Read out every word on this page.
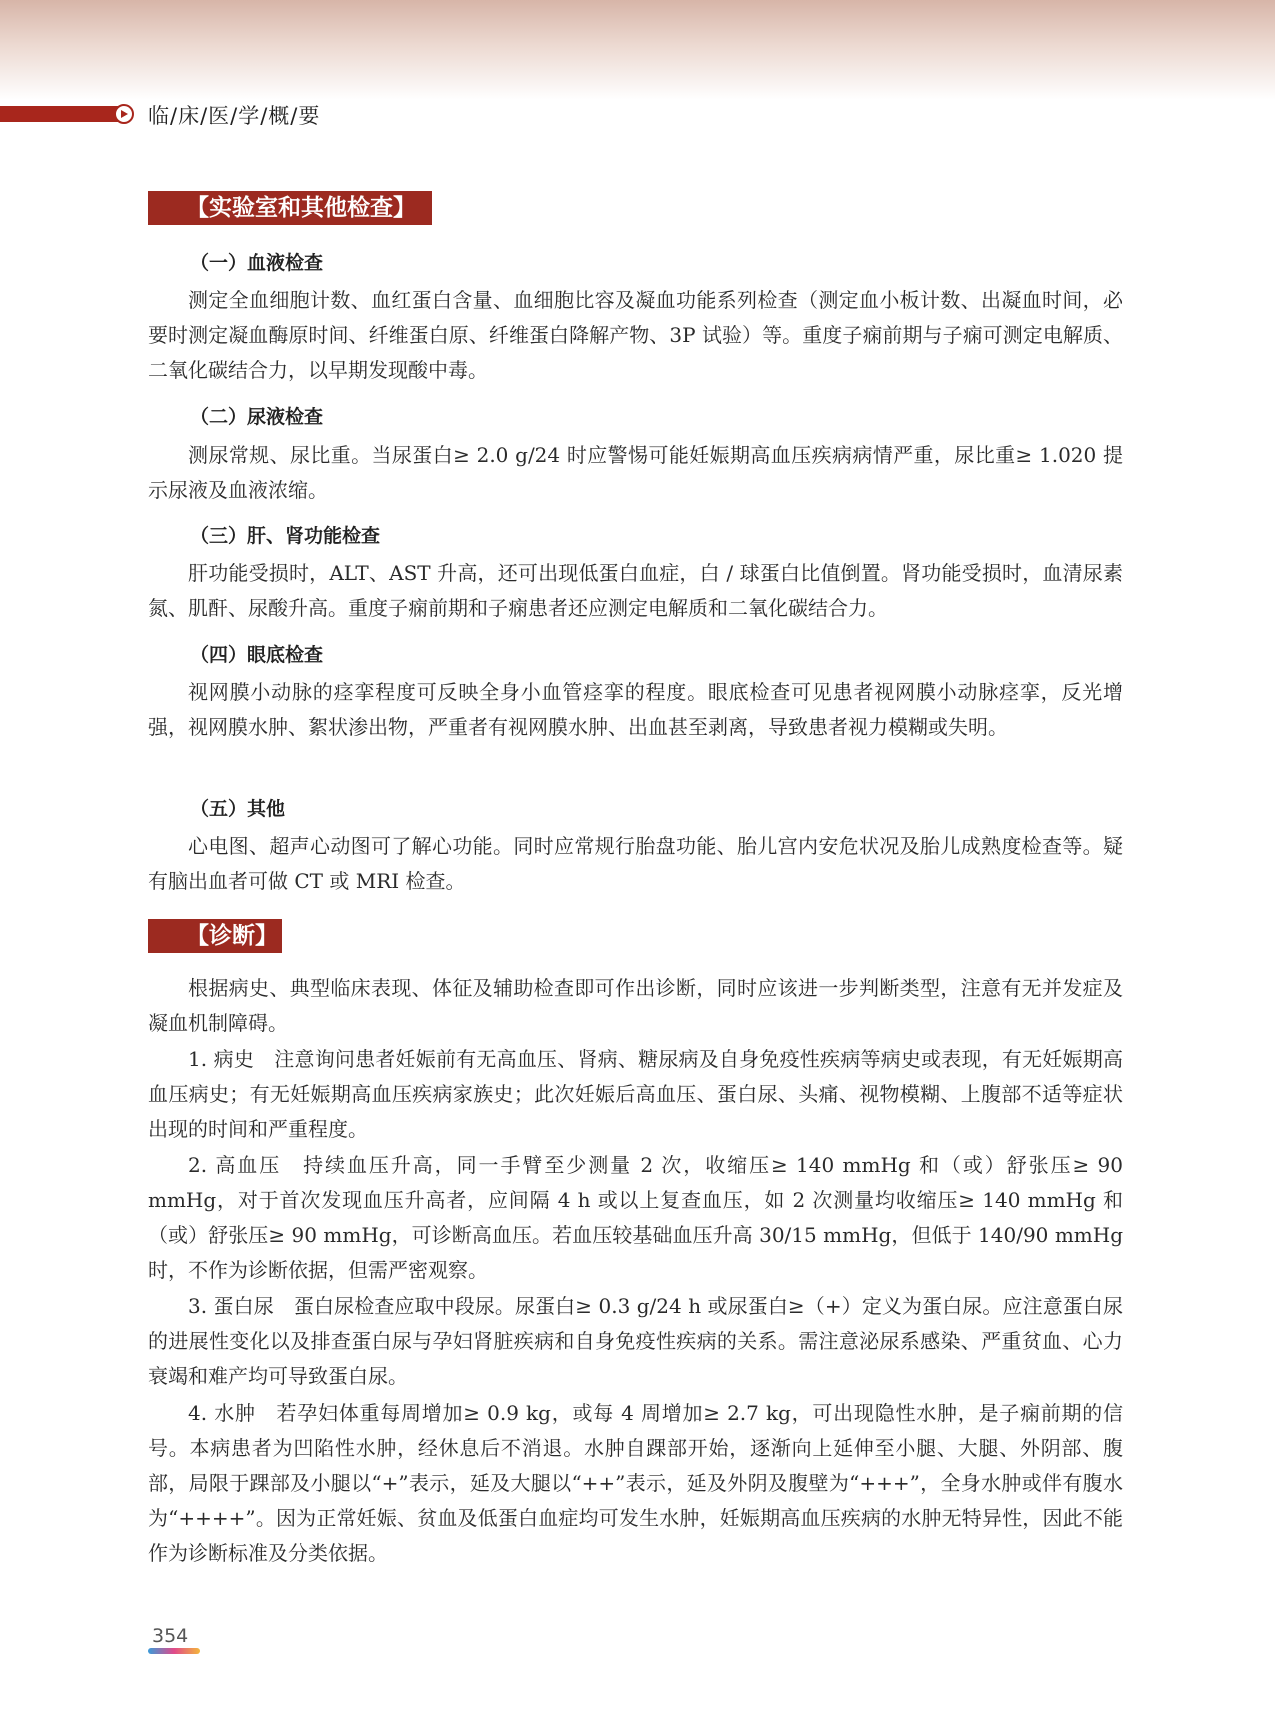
临/床/医/学/概/要
【实验室和其他检查】
（一）血液检查

测定全血细胞计数、血红蛋白含量、血细胞比容及凝血功能系列检查（测定血小板计数、出凝血时间，必要时测定凝血酶原时间、纤维蛋白原、纤维蛋白降解产物、3P 试验）等。重度子痫前期与子痫可测定电解质、二氧化碳结合力，以早期发现酸中毒。

（二）尿液检查

测尿常规、尿比重。当尿蛋白≥ 2.0 g/24 时应警惕可能妊娠期高血压疾病病情严重，尿比重≥ 1.020 提示尿液及血液浓缩。

（三）肝、肾功能检查

肝功能受损时，ALT、AST 升高，还可出现低蛋白血症，白 / 球蛋白比值倒置。肾功能受损时，血清尿素氮、肌酐、尿酸升高。重度子痫前期和子痫患者还应测定电解质和二氧化碳结合力。

（四）眼底检查

视网膜小动脉的痉挛程度可反映全身小血管痉挛的程度。眼底检查可见患者视网膜小动脉痉挛，反光增强，视网膜水肿、絮状渗出物，严重者有视网膜水肿、出血甚至剥离，导致患者视力模糊或失明。

（五）其他

心电图、超声心动图可了解心功能。同时应常规行胎盘功能、胎儿宫内安危状况及胎儿成熟度检查等。疑有脑出血者可做 CT 或 MRI 检查。

【诊断】

根据病史、典型临床表现、体征及辅助检查即可作出诊断，同时应该进一步判断类型，注意有无并发症及凝血机制障碍。

1. 病史　注意询问患者妊娠前有无高血压、肾病、糖尿病及自身免疫性疾病等病史或表现，有无妊娠期高血压病史；有无妊娠期高血压疾病家族史；此次妊娠后高血压、蛋白尿、头痛、视物模糊、上腹部不适等症状出现的时间和严重程度。

2. 高血压　持续血压升高，同一手臂至少测量 2 次，收缩压≥ 140 mmHg 和（或）舒张压≥ 90 mmHg，对于首次发现血压升高者，应间隔 4 h 或以上复查血压，如 2 次测量均收缩压≥ 140 mmHg 和（或）舒张压≥ 90 mmHg，可诊断高血压。若血压较基础血压升高 30/15 mmHg，但低于 140/90 mmHg 时，不作为诊断依据，但需严密观察。

3. 蛋白尿　蛋白尿检查应取中段尿。尿蛋白≥ 0.3 g/24 h 或尿蛋白≥（+）定义为蛋白尿。应注意蛋白尿的进展性变化以及排查蛋白尿与孕妇肾脏疾病和自身免疫性疾病的关系。需注意泌尿系感染、严重贫血、心力衰竭和难产均可导致蛋白尿。

4. 水肿　若孕妇体重每周增加≥ 0.9 kg，或每 4 周增加≥ 2.7 kg，可出现隐性水肿，是子痫前期的信号。本病患者为凹陷性水肿，经休息后不消退。水肿自踝部开始，逐渐向上延伸至小腿、大腿、外阴部、腹部，局限于踝部及小腿以“+”表示，延及大腿以“++”表示，延及外阴及腹壁为“+++”，全身水肿或伴有腹水为“++++”。因为正常妊娠、贫血及低蛋白血症均可发生水肿，妊娠期高血压疾病的水肿无特异性，因此不能作为诊断标准及分类依据。

354
